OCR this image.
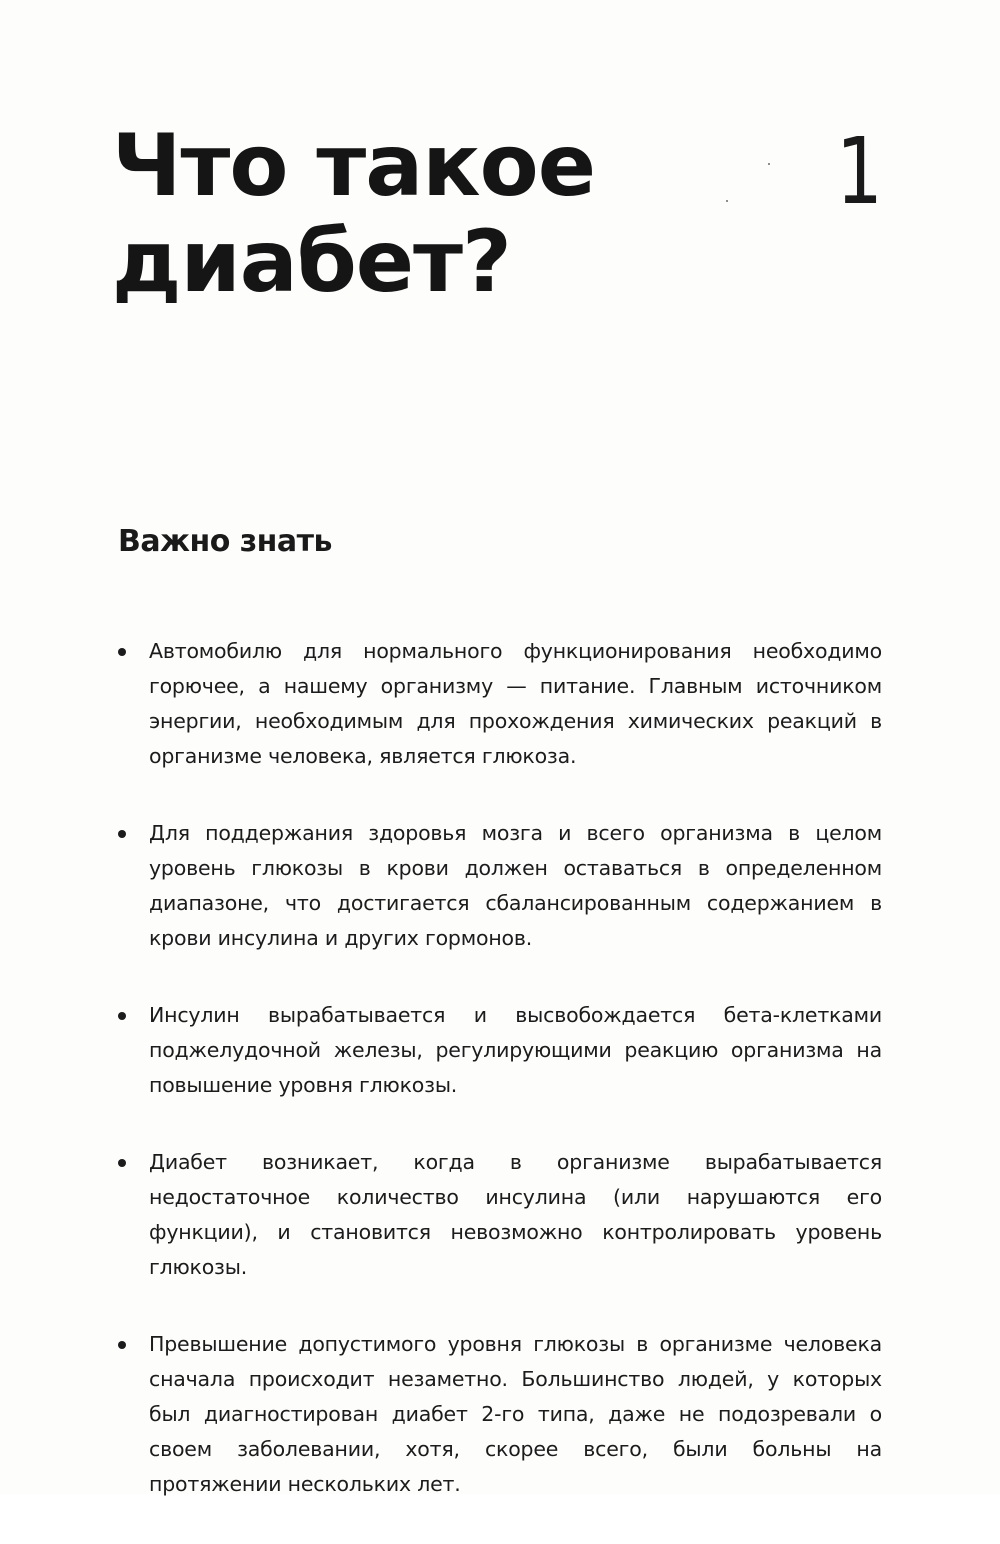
Что такое
диабет?
1
Важно знать
Автомобилю для нормального функционирования необходимо горючее, а нашему организму — питание. Главным источником энергии, необходимым для прохождения химических реакций в организме человека, является глюкоза.
Для поддержания здоровья мозга и всего организма в целом уровень глюкозы в крови должен оставаться в определенном диапазоне, что достигается сбалансированным содержанием в крови инсулина и других гормонов.
Инсулин вырабатывается и высвобождается бета-клетками поджелудочной железы, регулирующими реакцию организма на повышение уровня глюкозы.
Диабет возникает, когда в организме вырабатывается недостаточное количество инсулина (или нарушаются его функции), и становится невозможно контролировать уровень глюкозы.
Превышение допустимого уровня глюкозы в организме человека сначала происходит незаметно. Большинство людей, у которых был диагностирован диабет 2-го типа, даже не подозревали о своем заболевании, хотя, скорее всего, были больны на протяжении нескольких лет.
